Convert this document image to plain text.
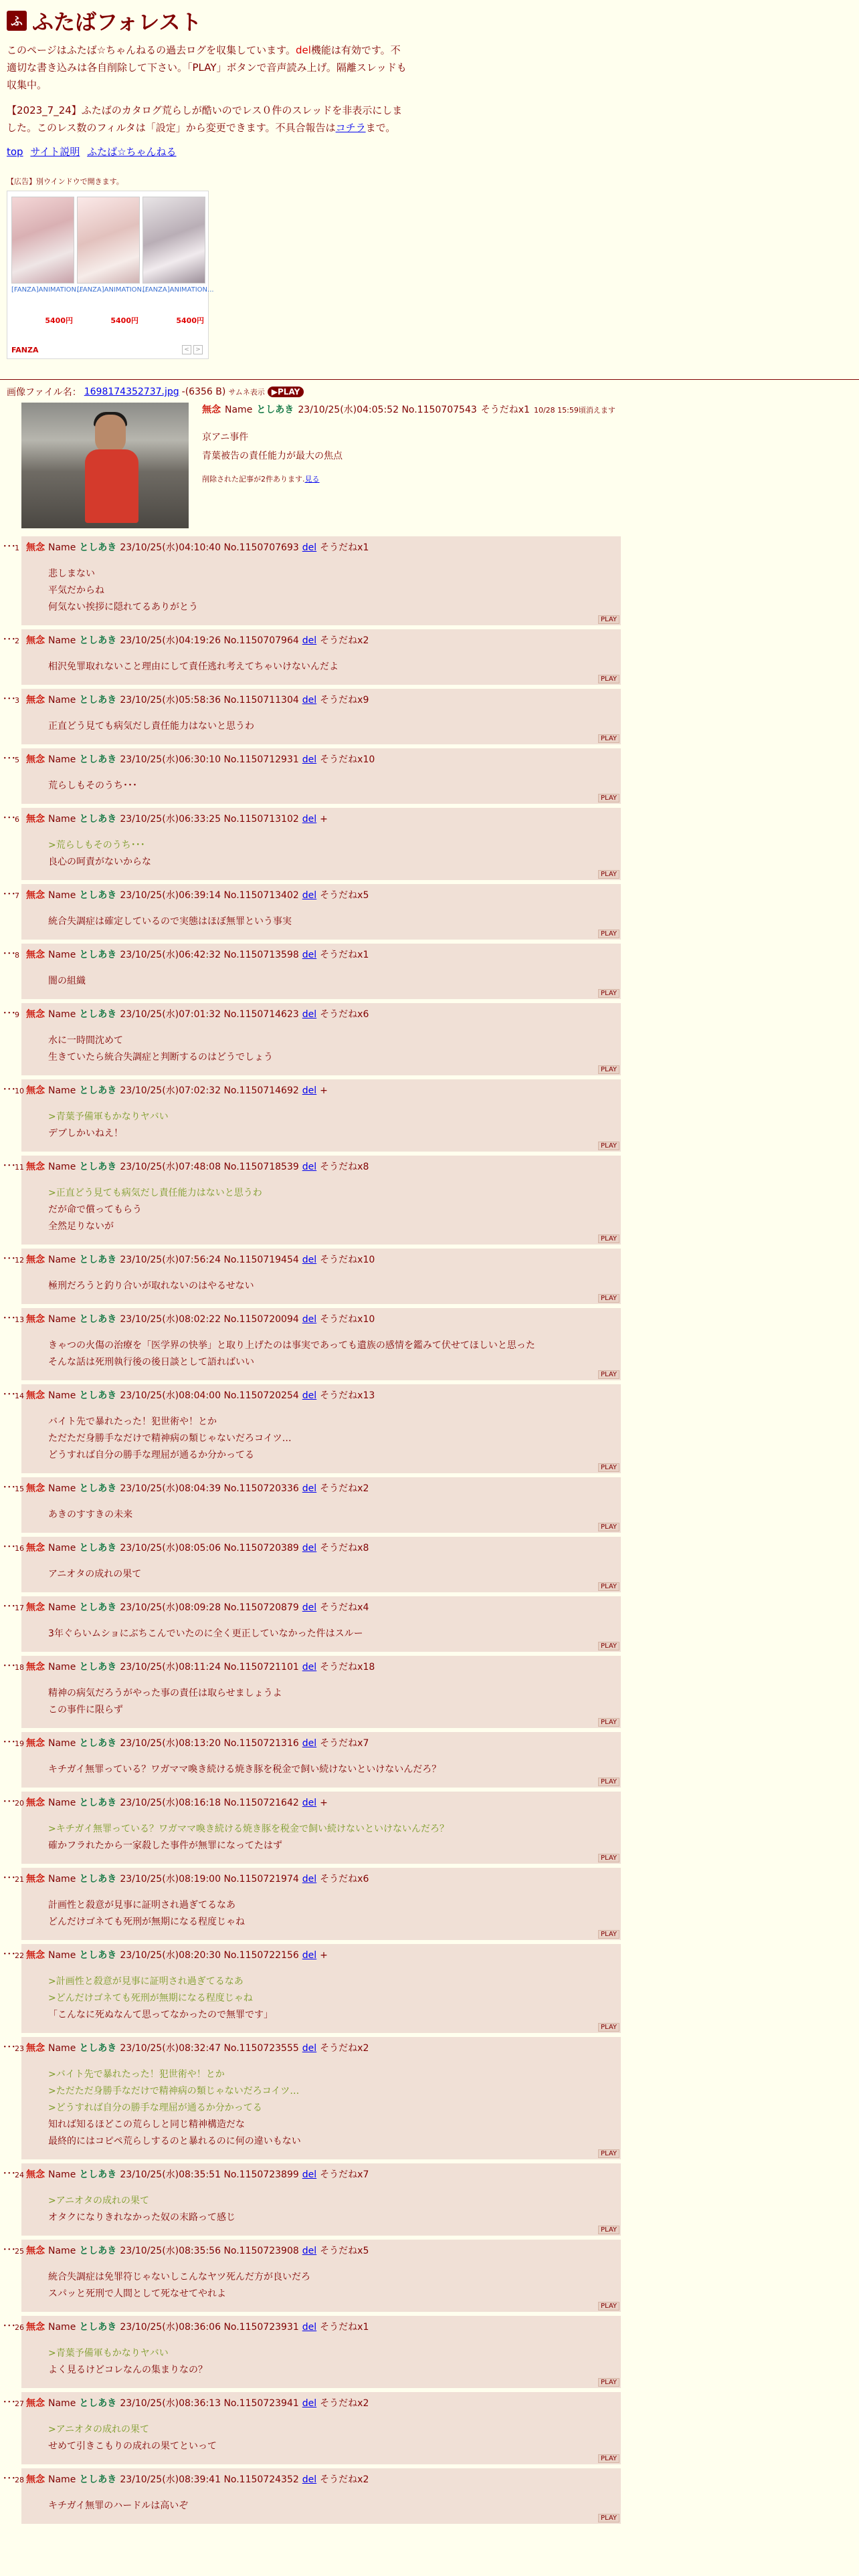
ふ ふたばフォレスト

このページはふたば☆ちゃんねるの過去ログを収集しています。del機能は有効です。不適切な書き込みは各自削除して下さい。「PLAY」ボタンで音声読み上げ。隔離スレッドも収集中。

【2023_7_24】ふたばのカタログ荒らしが酷いのでレス０件のスレッドを非表示にしました。このレス数のフィルタは「設定」から変更できます。不具合報告はコチラまで。

top サイト説明 ふたば☆ちゃんねる
【広告】別ウインドウで開きます。
[FANZA]ANIMATION...
5400円
[FANZA]ANIMATION...
5400円
[FANZA]ANIMATION...
5400円
FANZA	<	>
画像ファイル名： 1698174352737.jpg -(6356 B) サムネ表示 ▶PLAY
無念 Name としあき 23/10/25(水)04:05:52 No.1150707543 そうだねx1 10/28 15:59頃消えます
京アニ事件
青葉被告の責任能力が最大の焦点
削除された記事が2件あります.見る
･･･
1 無念 Name としあき 23/10/25(水)04:10:40 No.1150707693 del そうだねx1
悲しまない
平気だからね
何気ない挨拶に隠れてるありがとう
PLAY
･･･
2 無念 Name としあき 23/10/25(水)04:19:26 No.1150707964 del そうだねx2
相沢免罪取れないこと理由にして責任逃れ考えてちゃいけないんだよ
PLAY
･･･
3 無念 Name としあき 23/10/25(水)05:58:36 No.1150711304 del そうだねx9
正直どう見ても病気だし責任能力はないと思うわ
PLAY
･･･
5 無念 Name としあき 23/10/25(水)06:30:10 No.1150712931 del そうだねx10
荒らしもそのうち･･･
PLAY
･･･
6 無念 Name としあき 23/10/25(水)06:33:25 No.1150713102 del +
>荒らしもそのうち･･･
良心の呵責がないからな
PLAY
･･･
7 無念 Name としあき 23/10/25(水)06:39:14 No.1150713402 del そうだねx5
統合失調症は確定しているので実態はほぼ無罪という事実
PLAY
･･･
8 無念 Name としあき 23/10/25(水)06:42:32 No.1150713598 del そうだねx1
闇の組織
PLAY
･･･
9 無念 Name としあき 23/10/25(水)07:01:32 No.1150714623 del そうだねx6
水に一時間沈めて
生きていたら統合失調症と判断するのはどうでしょう
PLAY
･･･
10 無念 Name としあき 23/10/25(水)07:02:32 No.1150714692 del +
>青葉予備軍もかなりヤバい
デブしかいねえ！
PLAY
･･･
11 無念 Name としあき 23/10/25(水)07:48:08 No.1150718539 del そうだねx8
>正直どう見ても病気だし責任能力はないと思うわ
だが命で償ってもらう
全然足りないが
PLAY
･･･
12 無念 Name としあき 23/10/25(水)07:56:24 No.1150719454 del そうだねx10
極刑だろうと釣り合いが取れないのはやるせない
PLAY
･･･
13 無念 Name としあき 23/10/25(水)08:02:22 No.1150720094 del そうだねx10
きゃつの火傷の治療を「医学界の快挙」と取り上げたのは事実であっても遺族の感情を鑑みて伏せてほしいと思った
そんな話は死刑執行後の後日談として語ればいい
PLAY
･･･
14 無念 Name としあき 23/10/25(水)08:04:00 No.1150720254 del そうだねx13
バイト先で暴れたった！犯世術や！とか
ただただ身勝手なだけで精神病の類じゃないだろコイツ…
どうすれば自分の勝手な理屈が通るか分かってる
PLAY
･･･
15 無念 Name としあき 23/10/25(水)08:04:39 No.1150720336 del そうだねx2
あきのすすきの未来
PLAY
･･･
16 無念 Name としあき 23/10/25(水)08:05:06 No.1150720389 del そうだねx8
アニオタの成れの果て
PLAY
･･･
17 無念 Name としあき 23/10/25(水)08:09:28 No.1150720879 del そうだねx4
3年ぐらいムショにぶちこんでいたのに全く更正していなかった件はスルー
PLAY
･･･
18 無念 Name としあき 23/10/25(水)08:11:24 No.1150721101 del そうだねx18
精神の病気だろうがやった事の責任は取らせましょうよ
この事件に限らず
PLAY
･･･
19 無念 Name としあき 23/10/25(水)08:13:20 No.1150721316 del そうだねx7
キチガイ無罪っている？ワガママ喚き続ける焼き豚を税金で飼い続けないといけないんだろ？
PLAY
･･･
20 無念 Name としあき 23/10/25(水)08:16:18 No.1150721642 del +
>キチガイ無罪っている？ワガママ喚き続ける焼き豚を税金で飼い続けないといけないんだろ？
確かフラれたから一家殺した事件が無罪になってたはず
PLAY
･･･
21 無念 Name としあき 23/10/25(水)08:19:00 No.1150721974 del そうだねx6
計画性と殺意が見事に証明され過ぎてるなあ
どんだけゴネても死刑が無期になる程度じゃね
PLAY
･･･
22 無念 Name としあき 23/10/25(水)08:20:30 No.1150722156 del +
>計画性と殺意が見事に証明され過ぎてるなあ
>どんだけゴネても死刑が無期になる程度じゃね
「こんなに死ぬなんて思ってなかったので無罪です」
PLAY
･･･
23 無念 Name としあき 23/10/25(水)08:32:47 No.1150723555 del そうだねx2
>バイト先で暴れたった！犯世術や！とか
>ただただ身勝手なだけで精神病の類じゃないだろコイツ…
>どうすれば自分の勝手な理屈が通るか分かってる
知れば知るほどこの荒らしと同じ精神構造だな
最終的にはコピペ荒らしするのと暴れるのに何の違いもない
PLAY
･･･
24 無念 Name としあき 23/10/25(水)08:35:51 No.1150723899 del そうだねx7
>アニオタの成れの果て
オタクになりきれなかった奴の末路って感じ
PLAY
･･･
25 無念 Name としあき 23/10/25(水)08:35:56 No.1150723908 del そうだねx5
統合失調症は免罪符じゃないしこんなヤツ死んだ方が良いだろ
スパッと死刑で人間として死なせてやれよ
PLAY
･･･
26 無念 Name としあき 23/10/25(水)08:36:06 No.1150723931 del そうだねx1
>青葉予備軍もかなりヤバい
よく見るけどコレなんの集まりなの？
PLAY
･･･
27 無念 Name としあき 23/10/25(水)08:36:13 No.1150723941 del そうだねx2
>アニオタの成れの果て
せめて引きこもりの成れの果てといって
PLAY
･･･
28 無念 Name としあき 23/10/25(水)08:39:41 No.1150724352 del そうだねx2
キチガイ無罪のハードルは高いぞ
PLAY
